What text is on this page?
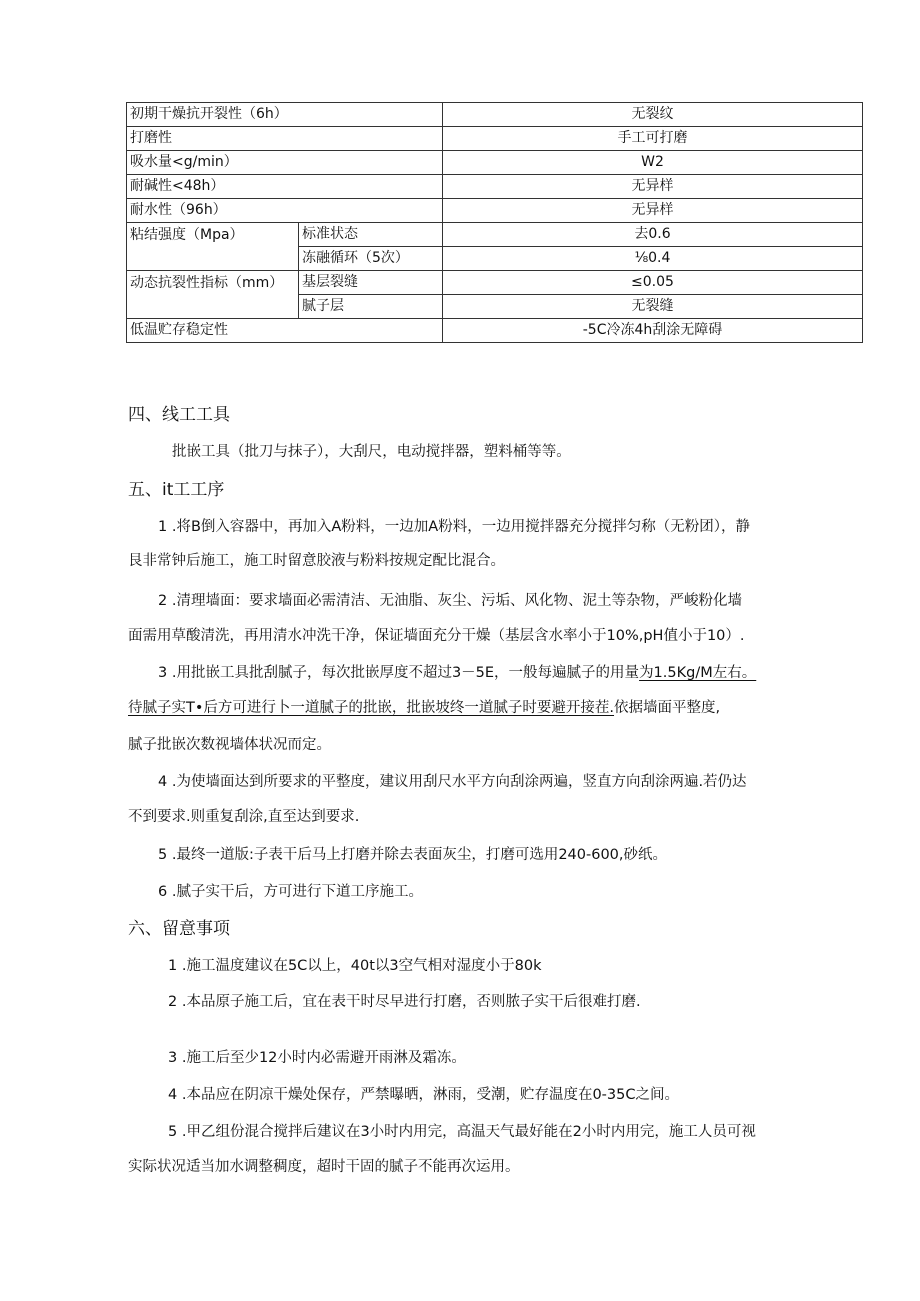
初期干燥抗开裂性（6h）		无裂纹
打磨性		手工可打磨
吸水量<g/min）		W2
耐碱性<48h）		无异样
耐水性（96h）		无异样
粘结强度（Mpa）	标准状态	去0.6
	冻融循环（5次）	⅛0.4
动态抗裂性指标（mm）	基层裂缝	≤0.05
	腻子层	无裂缝
低温贮存稳定性		-5C冷冻4h刮涂无障碍
四、线工工具
批嵌工具（批刀与抹子），大刮尺，电动搅拌器，塑料桶等等。
五、it工工序
1 .将B倒入容器中，再加入A粉料，一边加A粉料，一边用搅拌器充分搅拌匀称（无粉团），静
艮非常钟后施工，施工时留意胶液与粉料按规定配比混合。
2 .清理墙面：要求墙面必需清洁、无油脂、灰尘、污垢、风化物、泥土等杂物，严峻粉化墙
面需用草酸清洗，再用清水冲洗干净，保证墙面充分干燥（基层含水率小于10%,pH值小于10）.
3 .用批嵌工具批刮腻子，每次批嵌厚度不超过3－5E，一般每遍腻子的用量为1.5Kg/M左右。
待腻子实T•后方可进行卜一道腻子的批嵌，批嵌坡终一道腻子时要避开接茬.依据墙面平整度,
腻子批嵌次数视墙体状况而定。
4 .为使墙面达到所要求的平整度，建议用刮尺水平方向刮涂两遍，竖直方向刮涂两遍.若仍达
不到要求.则重复刮涂,直至达到要求.
5 .最终一道版:子表干后马上打磨并除去表面灰尘，打磨可选用240-600,砂纸。
6 .腻子实干后，方可进行下道工序施工。
六、留意事项
1 .施工温度建议在5C以上，40t以3空气相对湿度小于80k
2 .本品原子施工后，宜在表干时尽早进行打磨，否则脓子实干后很难打磨.
3 .施工后至少12小时内必需避开雨淋及霜冻。
4 .本品应在阴凉干燥处保存，严禁曝晒，淋雨，受潮，贮存温度在0-35C之间。
5 .甲乙组份混合搅拌后建议在3小时内用完，高温天气最好能在2小时内用完，施工人员可视
实际状况适当加水调整稠度，超时干固的腻子不能再次运用。
